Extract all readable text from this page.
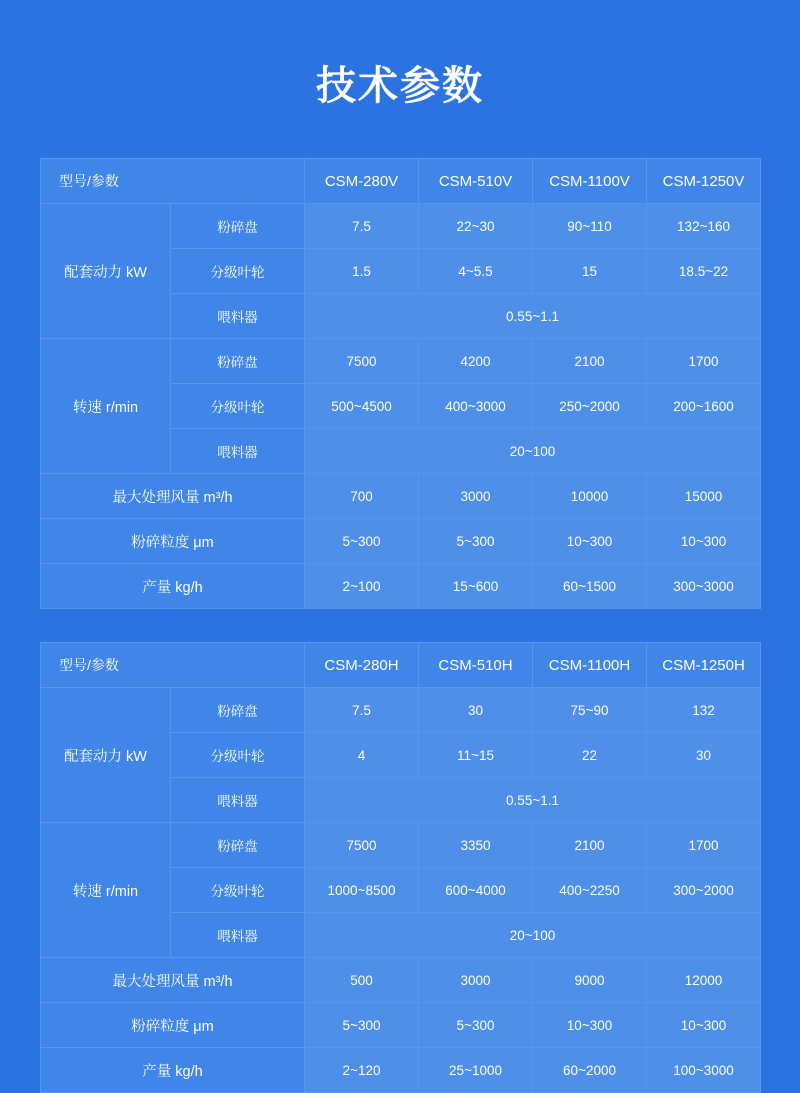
技术参数
型号/参数		CSM-280V	CSM-510V	CSM-1100V	CSM-1250V
配套动力 kW	粉碎盘	7.5	22~30	90~110	132~160
	分级叶轮	1.5	4~5.5	15	18.5~22
	喂料器	0.55~1.1			
转速 r/min	粉碎盘	7500	4200	2100	1700
	分级叶轮	500~4500	400~3000	250~2000	200~1600
	喂料器	20~100			
最大处理风量 m³/h		700	3000	10000	15000
粉碎粒度 μm		5~300	5~300	10~300	10~300
产量 kg/h		2~100	15~600	60~1500	300~3000
型号/参数		CSM-280H	CSM-510H	CSM-1100H	CSM-1250H
配套动力 kW	粉碎盘	7.5	30	75~90	132
	分级叶轮	4	11~15	22	30
	喂料器	0.55~1.1			
转速 r/min	粉碎盘	7500	3350	2100	1700
	分级叶轮	1000~8500	600~4000	400~2250	300~2000
	喂料器	20~100			
最大处理风量 m³/h		500	3000	9000	12000
粉碎粒度 μm		5~300	5~300	10~300	10~300
产量 kg/h		2~120	25~1000	60~2000	100~3000
